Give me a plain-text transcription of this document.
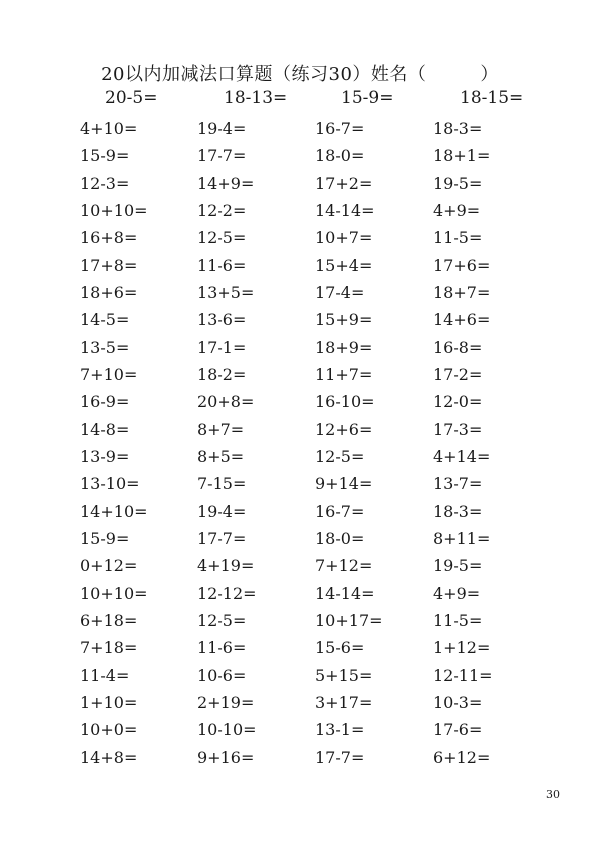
20以内加减法口算题（练习30）姓名（	）
20-5=	18-13=	15-9=	18-15=
4+10=	19-4=	16-7=	18-3=
15-9=	17-7=	18-0=	18+1=
12-3=	14+9=	17+2=	19-5=
10+10=	12-2=	14-14=	4+9=
16+8=	12-5=	10+7=	11-5=
17+8=	11-6=	15+4=	17+6=
18+6=	13+5=	17-4=	18+7=
14-5=	13-6=	15+9=	14+6=
13-5=	17-1=	18+9=	16-8=
7+10=	18-2=	11+7=	17-2=
16-9=	20+8=	16-10=	12-0=
14-8=	8+7=	12+6=	17-3=
13-9=	8+5=	12-5=	4+14=
13-10=	7-15=	9+14=	13-7=
14+10=	19-4=	16-7=	18-3=
15-9=	17-7=	18-0=	8+11=
0+12=	4+19=	7+12=	19-5=
10+10=	12-12=	14-14=	4+9=
6+18=	12-5=	10+17=	11-5=
7+18=	11-6=	15-6=	1+12=
11-4=	10-6=	5+15=	12-11=
1+10=	2+19=	3+17=	10-3=
10+0=	10-10=	13-1=	17-6=
14+8=	9+16=	17-7=	6+12=
30
